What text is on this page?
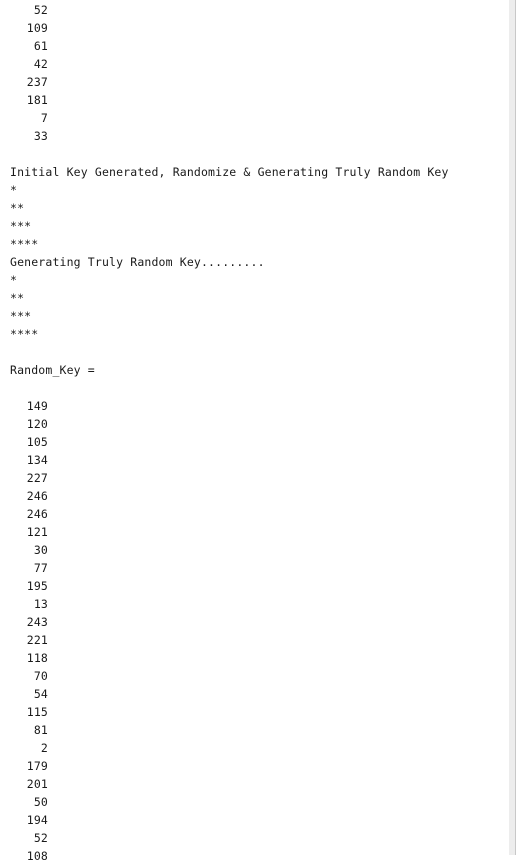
52
109
61
42
237
181
7
33
Initial Key Generated, Randomize & Generating Truly Random Key
*
**
***
****
Generating Truly Random Key.........
*
**
***
****
Random_Key =
149
120
105
134
227
246
246
121
30
77
195
13
243
221
118
70
54
115
81
2
179
201
50
194
52
108
